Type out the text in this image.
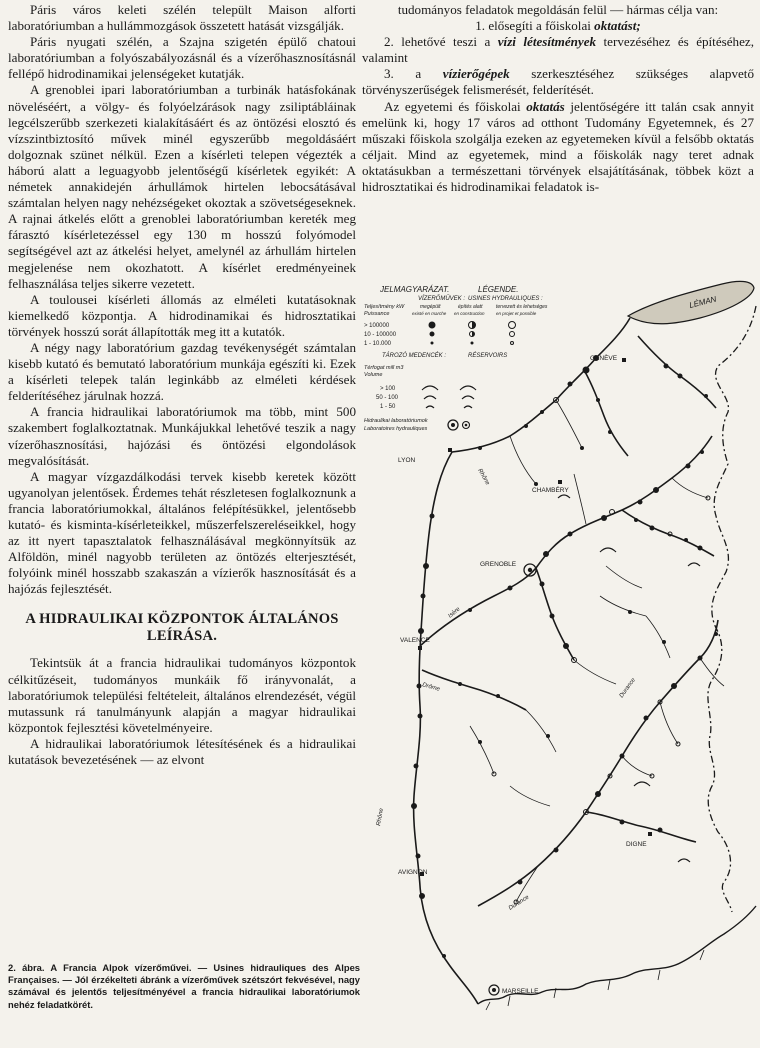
Páris város keleti szélén települt Maison alforti laboratóriumban a hullámmozgások összetett hatását vizsgálják.

Páris nyugati szélén, a Szajna szigetén épülő chatoui laboratóriumban a folyószabályozásnál és a vízerőhasznosításnál fellépő hidrodinamikai jelenségeket kutatják.

A grenoblei ipari laboratóriumban a turbinák hatásfokának növeléséért, a völgy- és folyóelzárások nagy zsiliptábláinak legcélszerűbb szerkezeti kialakításáért és az öntözési elosztó és vízszintbiztosító művek minél egyszerűbb megoldásáért dolgoznak szünet nélkül. Ezen a kísérleti telepen végezték a háború alatt a leguagyobb jelentőségű kísérletek egyikét: A németek annakidején árhullámok hirtelen lebocsátásával számtalan helyen nagy nehézségeket okoztak a szövetségeseknek. A rajnai átkelés előtt a grenoblei laboratóriumban kereték meg fárasztó kísérletezéssel egy 130 m hosszú folyómodel segítségével azt az átkelési helyet, amelynél az árhullám hirtelen megjelenése nem okozhatott. A kísérlet eredményeinek felhasználása teljes sikerre vezetett.

A toulousei kísérleti állomás az elméleti kutatásoknak kiemelkedő központja. A hidrodinamikai és hidrosztatikai törvények hosszú sorát állapították meg itt a kutatók.

A négy nagy laboratórium gazdag tevékenységét számtalan kisebb kutató és bemutató laboratórium munkája egészíti ki. Ezek a kísérleti telepek talán leginkább az elméleti kérdések felderítéséhez járulnak hozzá.

A francia hidraulikai laboratóriumok ma több, mint 500 szakembert foglalkoztatnak. Munkájukkal lehetővé teszik a nagy vízerőhasznosítási, hajózási és öntözési elgondolások megvalósítását.

A magyar vízgazdálkodási tervek kisebb keretek között ugyanolyan jelentősek. Érdemes tehát részletesen foglalkoznunk a francia laboratóriumokkal, általános felépítésükkel, jelentősebb kutató- és kisminta-kísérleteikkel, műszerfelszereléseikkel, hogy az itt nyert tapasztalatok felhasználásával megkönnyítsük az Alföldön, minél nagyobb területen az öntözés elterjesztését, folyóink minél hosszabb szakaszán a vízierők hasznosítását és a hajózás fejlesztését.

A HIDRAULIKAI KÖZPONTOK ÁLTALÁNOS LEÍRÁSA.

Tekintsük át a francia hidraulikai tudományos központok célkitűzéseit, tudományos munkáik fő irányvonalát, a laboratóriumok települési feltételeit, általános elrendezését, végül mutassunk rá tanulmányunk alapján a magyar hidraulikai központok fejlesztési követelményeire.

A hidraulikai laboratóriumok létesítésének és a hidraulikai kutatások bevezetésének — az elvont

tudományos feladatok megoldásán felül — hármas célja van:

1. elősegíti a főiskolai oktatást;
2. lehetővé teszi a vízi létesítmények tervezéséhez és építéséhez, valamint
3. a vízierőgépek szerkesztéséhez szükséges alapvető törvényszerűségek felismerését, felderítését.

Az egyetemi és főiskolai oktatás jelentőségére itt talán csak annyit emelünk ki, hogy 17 város ad otthont Tudomány Egyetemnek, és 27 műszaki főiskola szolgálja ezeken az egyetemeken kívül a felsőbb oktatás céljait. Mind az egyetemek, mind a főiskolák nagy teret adnak oktatásukban a természettani törvények elsajátításának, többek közt a hidrosztatikai és hidrodinamikai feladatok is-

JELMAGYARÁZAT.	LÉGENDE.
VÍZERŐMŰVEK : USINES HYDRAULIQUES :
Teljesítmény kW
Puissance
megépült
existé en marche
építés alatt
en construction
tervezett és lehetséges
en projet et possible
> 100000
10 - 100000
1 - 10.000
TÁROZÓ MEDENCÉK :	RÉSERVOIRS
Térfogat mill m3
Volume
> 100
50 - 100
1 - 50
Hidraulikai laboratóriumok
Laboratoires hydrauliques
LÉMAN
GENÈVE
LYON
CHAMBÉRY
GRENOBLE
VALENCE
DIGNE
AVIGNON
MARSEILLE
Rhône
Isère
Drôme
Rhône
Durance
Durance
2. ábra. A Francia Alpok vízerőművei. — Usines hidrauliques des Alpes Françaises. — Jól érzékelteti ábránk a vízerőművek szétszórt fekvésével, nagy számával és jelentős teljesítményével a francia hidraulikai laboratóriumok nehéz feladatkörét.
